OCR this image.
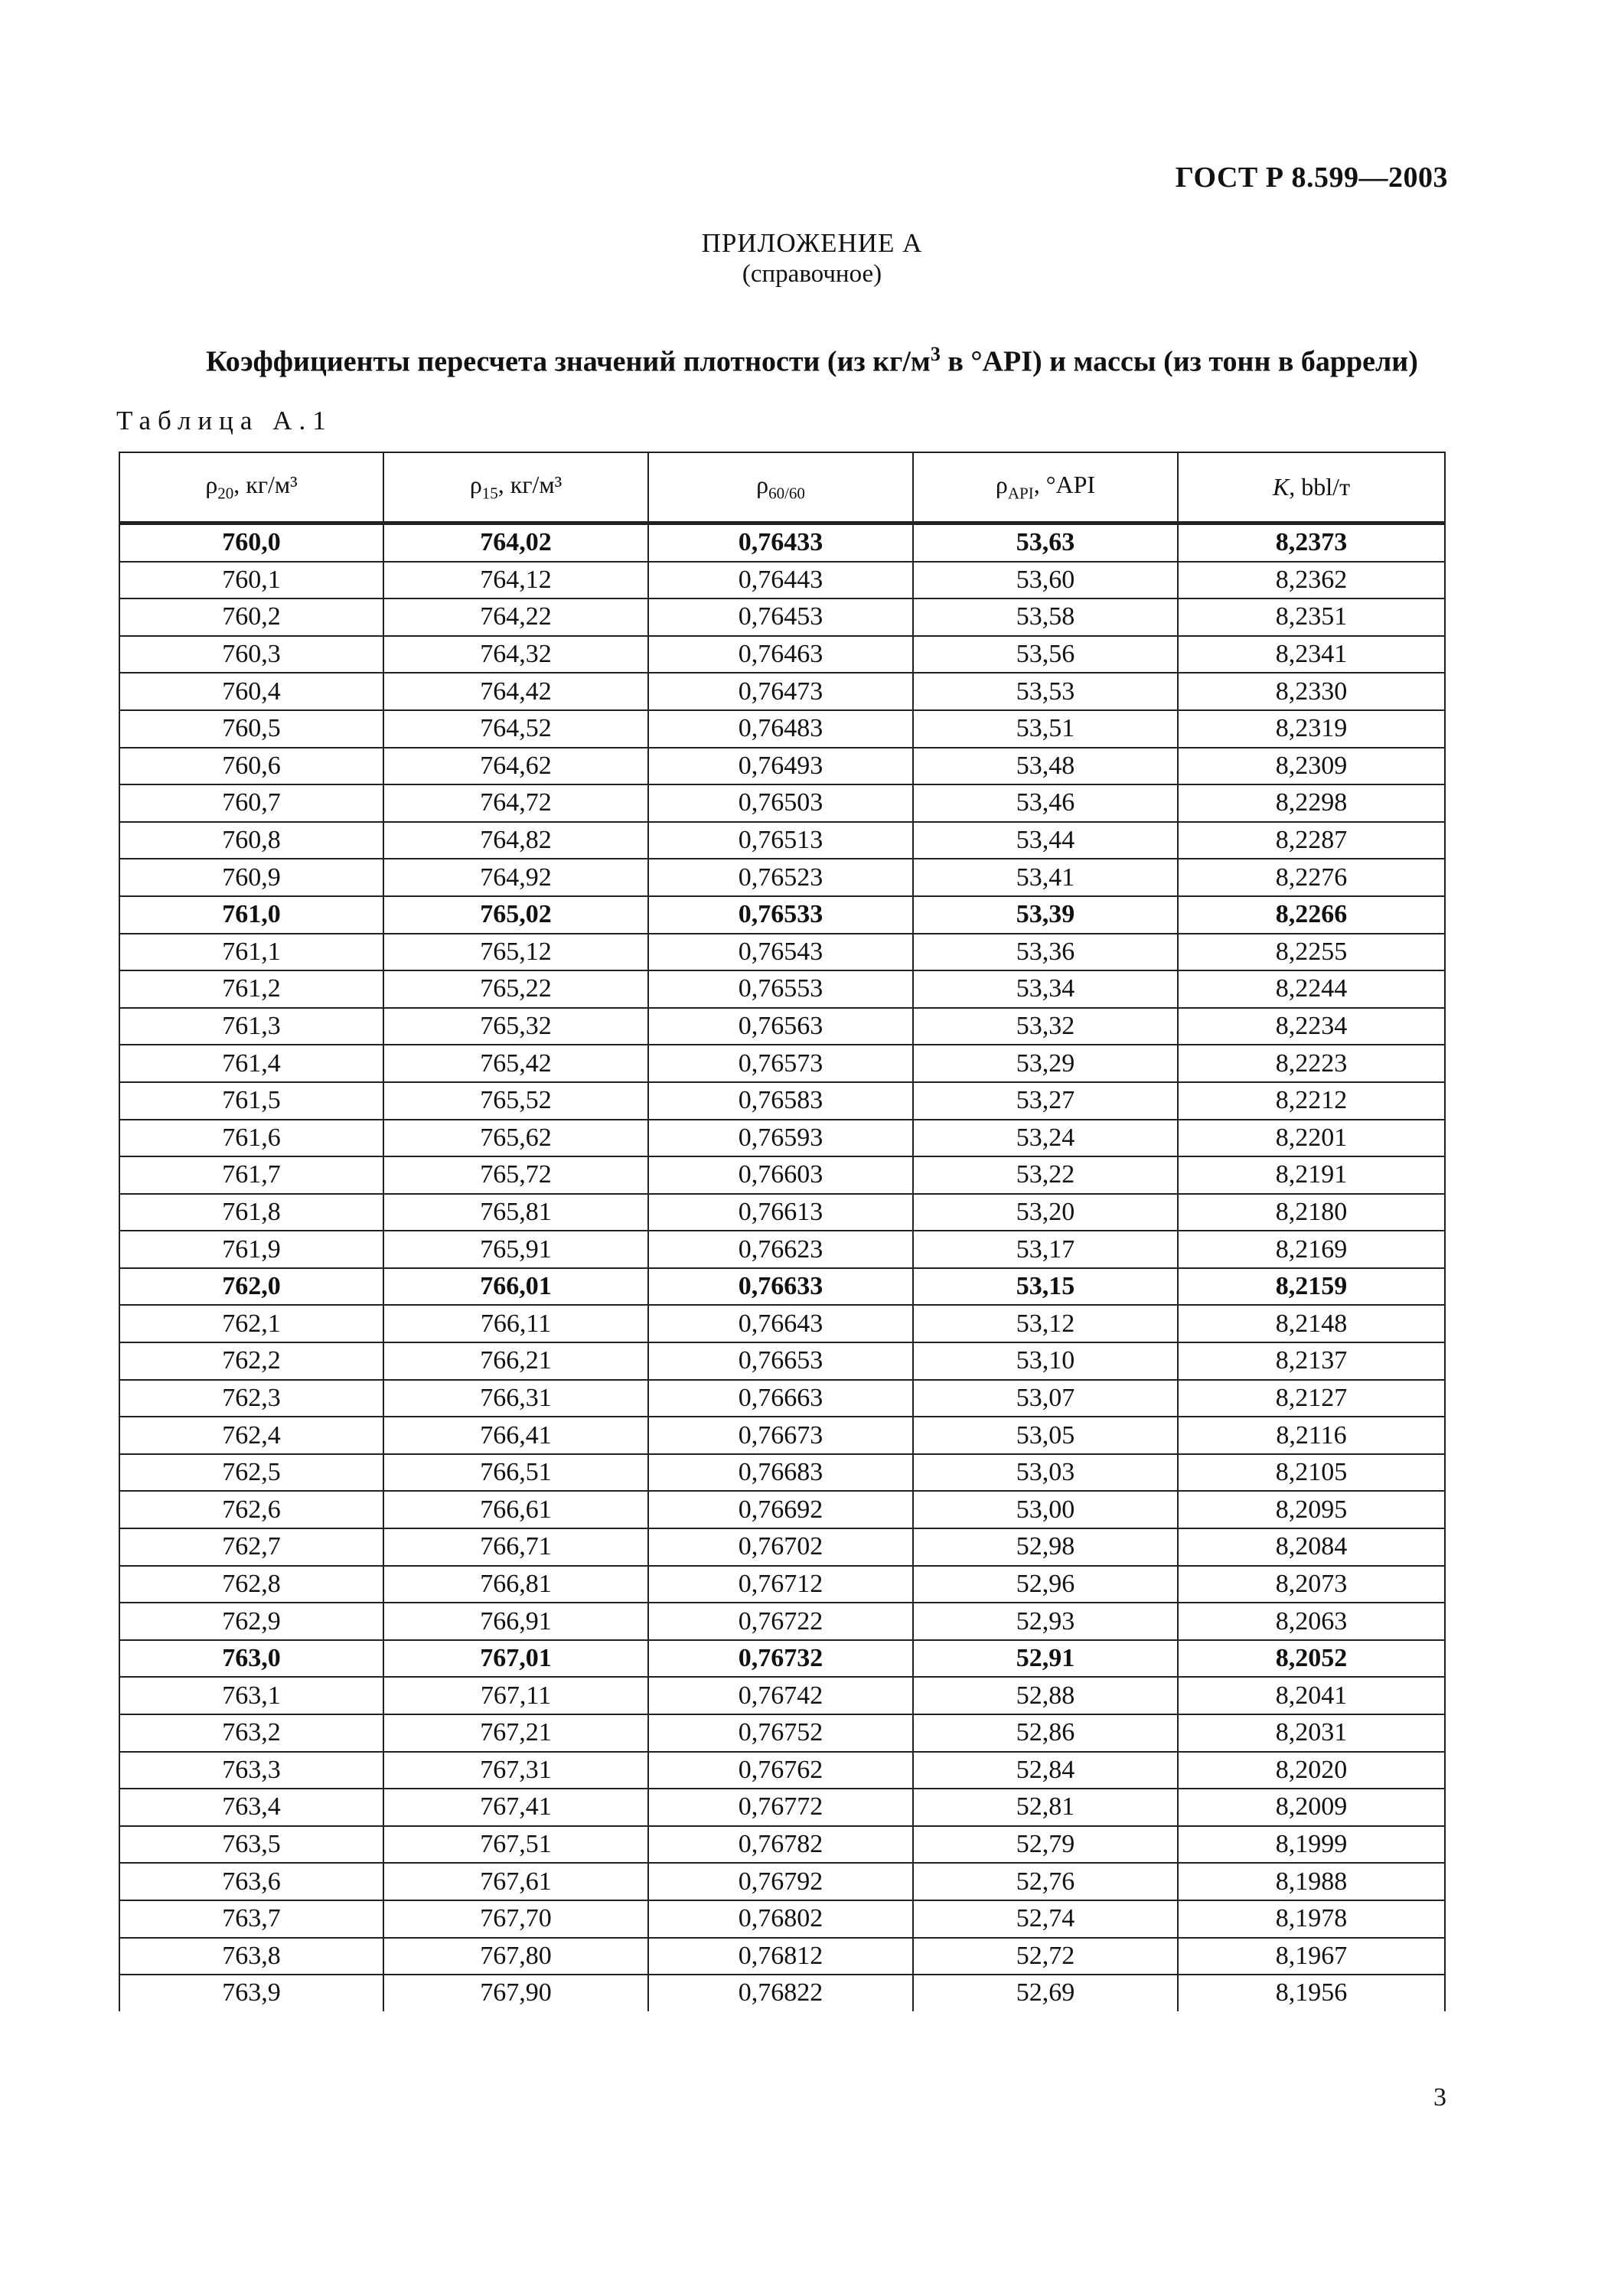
ГОСТ Р 8.599—2003
ПРИЛОЖЕНИЕ А
(справочное)
Коэффициенты пересчета значений плотности (из $кг/м^3$ в °API) и массы (из тонн в баррели)
Таблица А.1
$\rho_{20}$, кг/м³	$\rho_{15}$, кг/м³	$\rho_{60/60}$	$\rho_{API}$, °API	K, bbl/т
760,0	764,02	0,76433	53,63	8,2373
760,1	764,12	0,76443	53,60	8,2362
760,2	764,22	0,76453	53,58	8,2351
760,3	764,32	0,76463	53,56	8,2341
760,4	764,42	0,76473	53,53	8,2330
760,5	764,52	0,76483	53,51	8,2319
760,6	764,62	0,76493	53,48	8,2309
760,7	764,72	0,76503	53,46	8,2298
760,8	764,82	0,76513	53,44	8,2287
760,9	764,92	0,76523	53,41	8,2276
761,0	765,02	0,76533	53,39	8,2266
761,1	765,12	0,76543	53,36	8,2255
761,2	765,22	0,76553	53,34	8,2244
761,3	765,32	0,76563	53,32	8,2234
761,4	765,42	0,76573	53,29	8,2223
761,5	765,52	0,76583	53,27	8,2212
761,6	765,62	0,76593	53,24	8,2201
761,7	765,72	0,76603	53,22	8,2191
761,8	765,81	0,76613	53,20	8,2180
761,9	765,91	0,76623	53,17	8,2169
762,0	766,01	0,76633	53,15	8,2159
762,1	766,11	0,76643	53,12	8,2148
762,2	766,21	0,76653	53,10	8,2137
762,3	766,31	0,76663	53,07	8,2127
762,4	766,41	0,76673	53,05	8,2116
762,5	766,51	0,76683	53,03	8,2105
762,6	766,61	0,76692	53,00	8,2095
762,7	766,71	0,76702	52,98	8,2084
762,8	766,81	0,76712	52,96	8,2073
762,9	766,91	0,76722	52,93	8,2063
763,0	767,01	0,76732	52,91	8,2052
763,1	767,11	0,76742	52,88	8,2041
763,2	767,21	0,76752	52,86	8,2031
763,3	767,31	0,76762	52,84	8,2020
763,4	767,41	0,76772	52,81	8,2009
763,5	767,51	0,76782	52,79	8,1999
763,6	767,61	0,76792	52,76	8,1988
763,7	767,70	0,76802	52,74	8,1978
763,8	767,80	0,76812	52,72	8,1967
763,9	767,90	0,76822	52,69	8,1956
3
